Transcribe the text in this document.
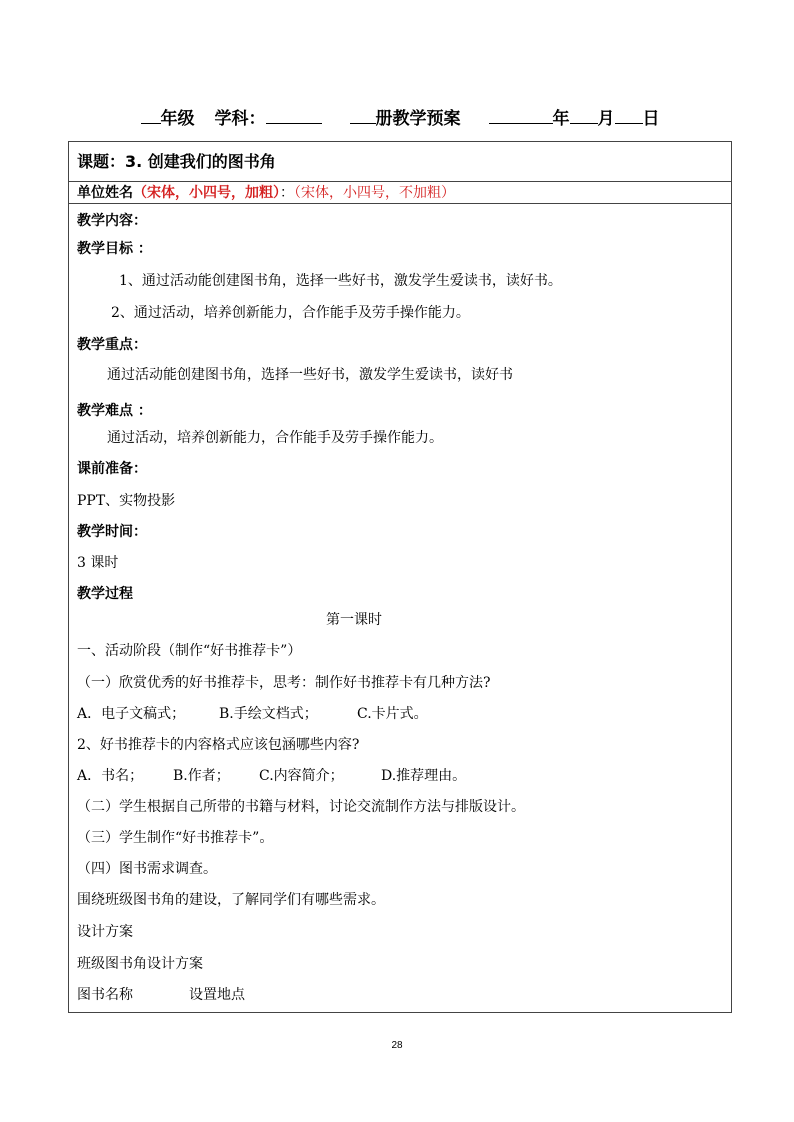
年级 学科：	册教学预案	年 月 日
课题：3. 创建我们的图书角
单位姓名（宋体，小四号，加粗）：（宋体，小四号，不加粗）
教学内容：
教学目标 ：
1、通过活动能创建图书角，选择一些好书，激发学生爱读书，读好书。
2、通过活动，培养创新能力，合作能手及劳手操作能力。
教学重点：
通过活动能创建图书角，选择一些好书，激发学生爱读书，读好书
教学难点 ：
通过活动，培养创新能力，合作能手及劳手操作能力。
课前准备：
PPT、实物投影
教学时间：
3 课时
教学过程
第一课时
一、活动阶段（制作“好书推荐卡”）
（一）欣赏优秀的好书推荐卡，思考：制作好书推荐卡有几种方法?
A．电子文稿式； B.手绘文档式；	C.卡片式。
2、好书推荐卡的内容格式应该包涵哪些内容?
A．书名； B.作者； C.内容简介；	D.推荐理由。
（二）学生根据自己所带的书籍与材料，讨论交流制作方法与排版设计。
（三）学生制作“好书推荐卡”。
（四）图书需求调查。
围绕班级图书角的建设，了解同学们有哪些需求。
设计方案
班级图书角设计方案
图书名称	设置地点
28
